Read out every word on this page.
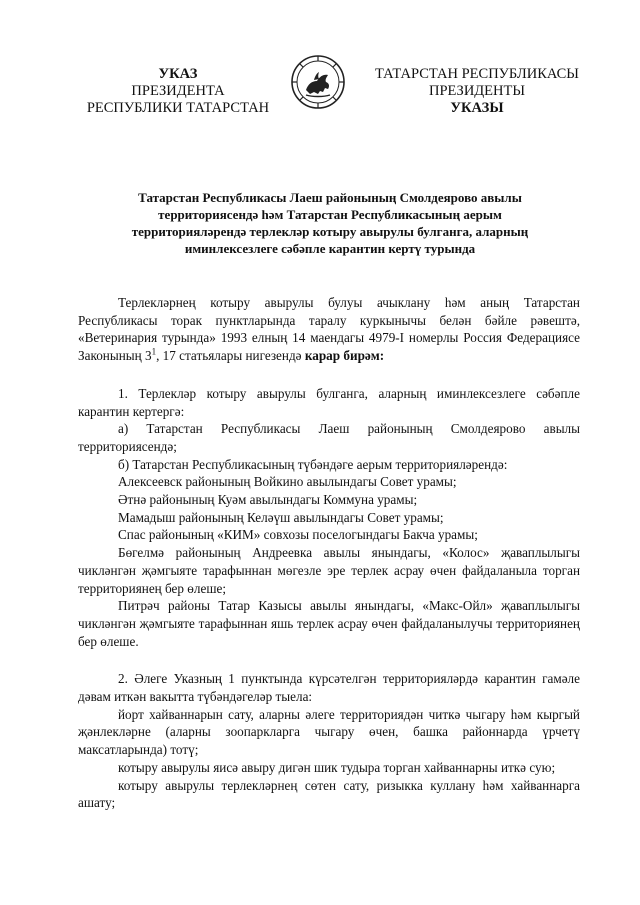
УКАЗ
ПРЕЗИДЕНТА
РЕСПУБЛИКИ ТАТАРСТАН
ТАТАРСТАН РЕСПУБЛИКАСЫ
ПРЕЗИДЕНТЫ
УКАЗЫ
Татарстан Республикасы Лаеш районының Смолдеярово авылы
территориясендә һәм Татарстан Республикасының аерым
территорияләрендә терлекләр котыру авырулы булганга, аларның
иминлексезлеге сәбәпле карантин кертү турында

Терлекләрнең котыру авырулы булуы ачыклану һәм аның Татарстан Республикасы торак пунктларында таралу куркынычы белән бәйле рәвештә, «Ветеринария турында» 1993 елның 14 маендагы 4979-I номерлы Россия Федерациясе Законының $3^1$, 17 статьялары нигезендә карар бирәм:

1. Терлекләр котыру авырулы булганга, аларның иминлексезлеге сәбәпле карантин кертергә:

а) Татарстан Республикасы Лаеш районының Смолдеярово авылы территориясендә;

б) Татарстан Республикасының түбәндәге аерым территорияләрендә:

Алексеевск районының Войкино авылындагы Совет урамы;

Әтнә районының Куәм авылындагы Коммуна урамы;

Мамадыш районының Келәүш авылындагы Совет урамы;

Спас районының «КИМ» совхозы поселогындагы Бакча урамы;

Бөгелмә районының Андреевка авылы янындагы, «Колос» җаваплылыгы чикләнгән җәмгыяте тарафыннан мөгезле эре терлек асрау өчен файдаланыла торган территориянең бер өлеше;

Питрәч районы Татар Казысы авылы янындагы, «Макс-Ойл» җаваплылыгы чикләнгән җәмгыяте тарафыннан яшь терлек асрау өчен файдаланылучы территориянең бер өлеше.

2. Әлеге Указның 1 пунктында күрсәтелгән территорияләрдә карантин гамәле дәвам иткән вакытта түбәндәгеләр тыела:

йорт хайваннарын сату, аларны әлеге территориядән читкә чыгару һәм кыргый җәнлекләрне (аларны зоопаркларга чыгару өчен, башка районнарда үрчетү максатларында) тотү;

котыру авырулы яисә авыру дигән шик тудыра торган хайваннарны иткә сую;

котыру авырулы терлекләрнең сөтен сату, ризыкка куллану һәм хайваннарга ашату;
